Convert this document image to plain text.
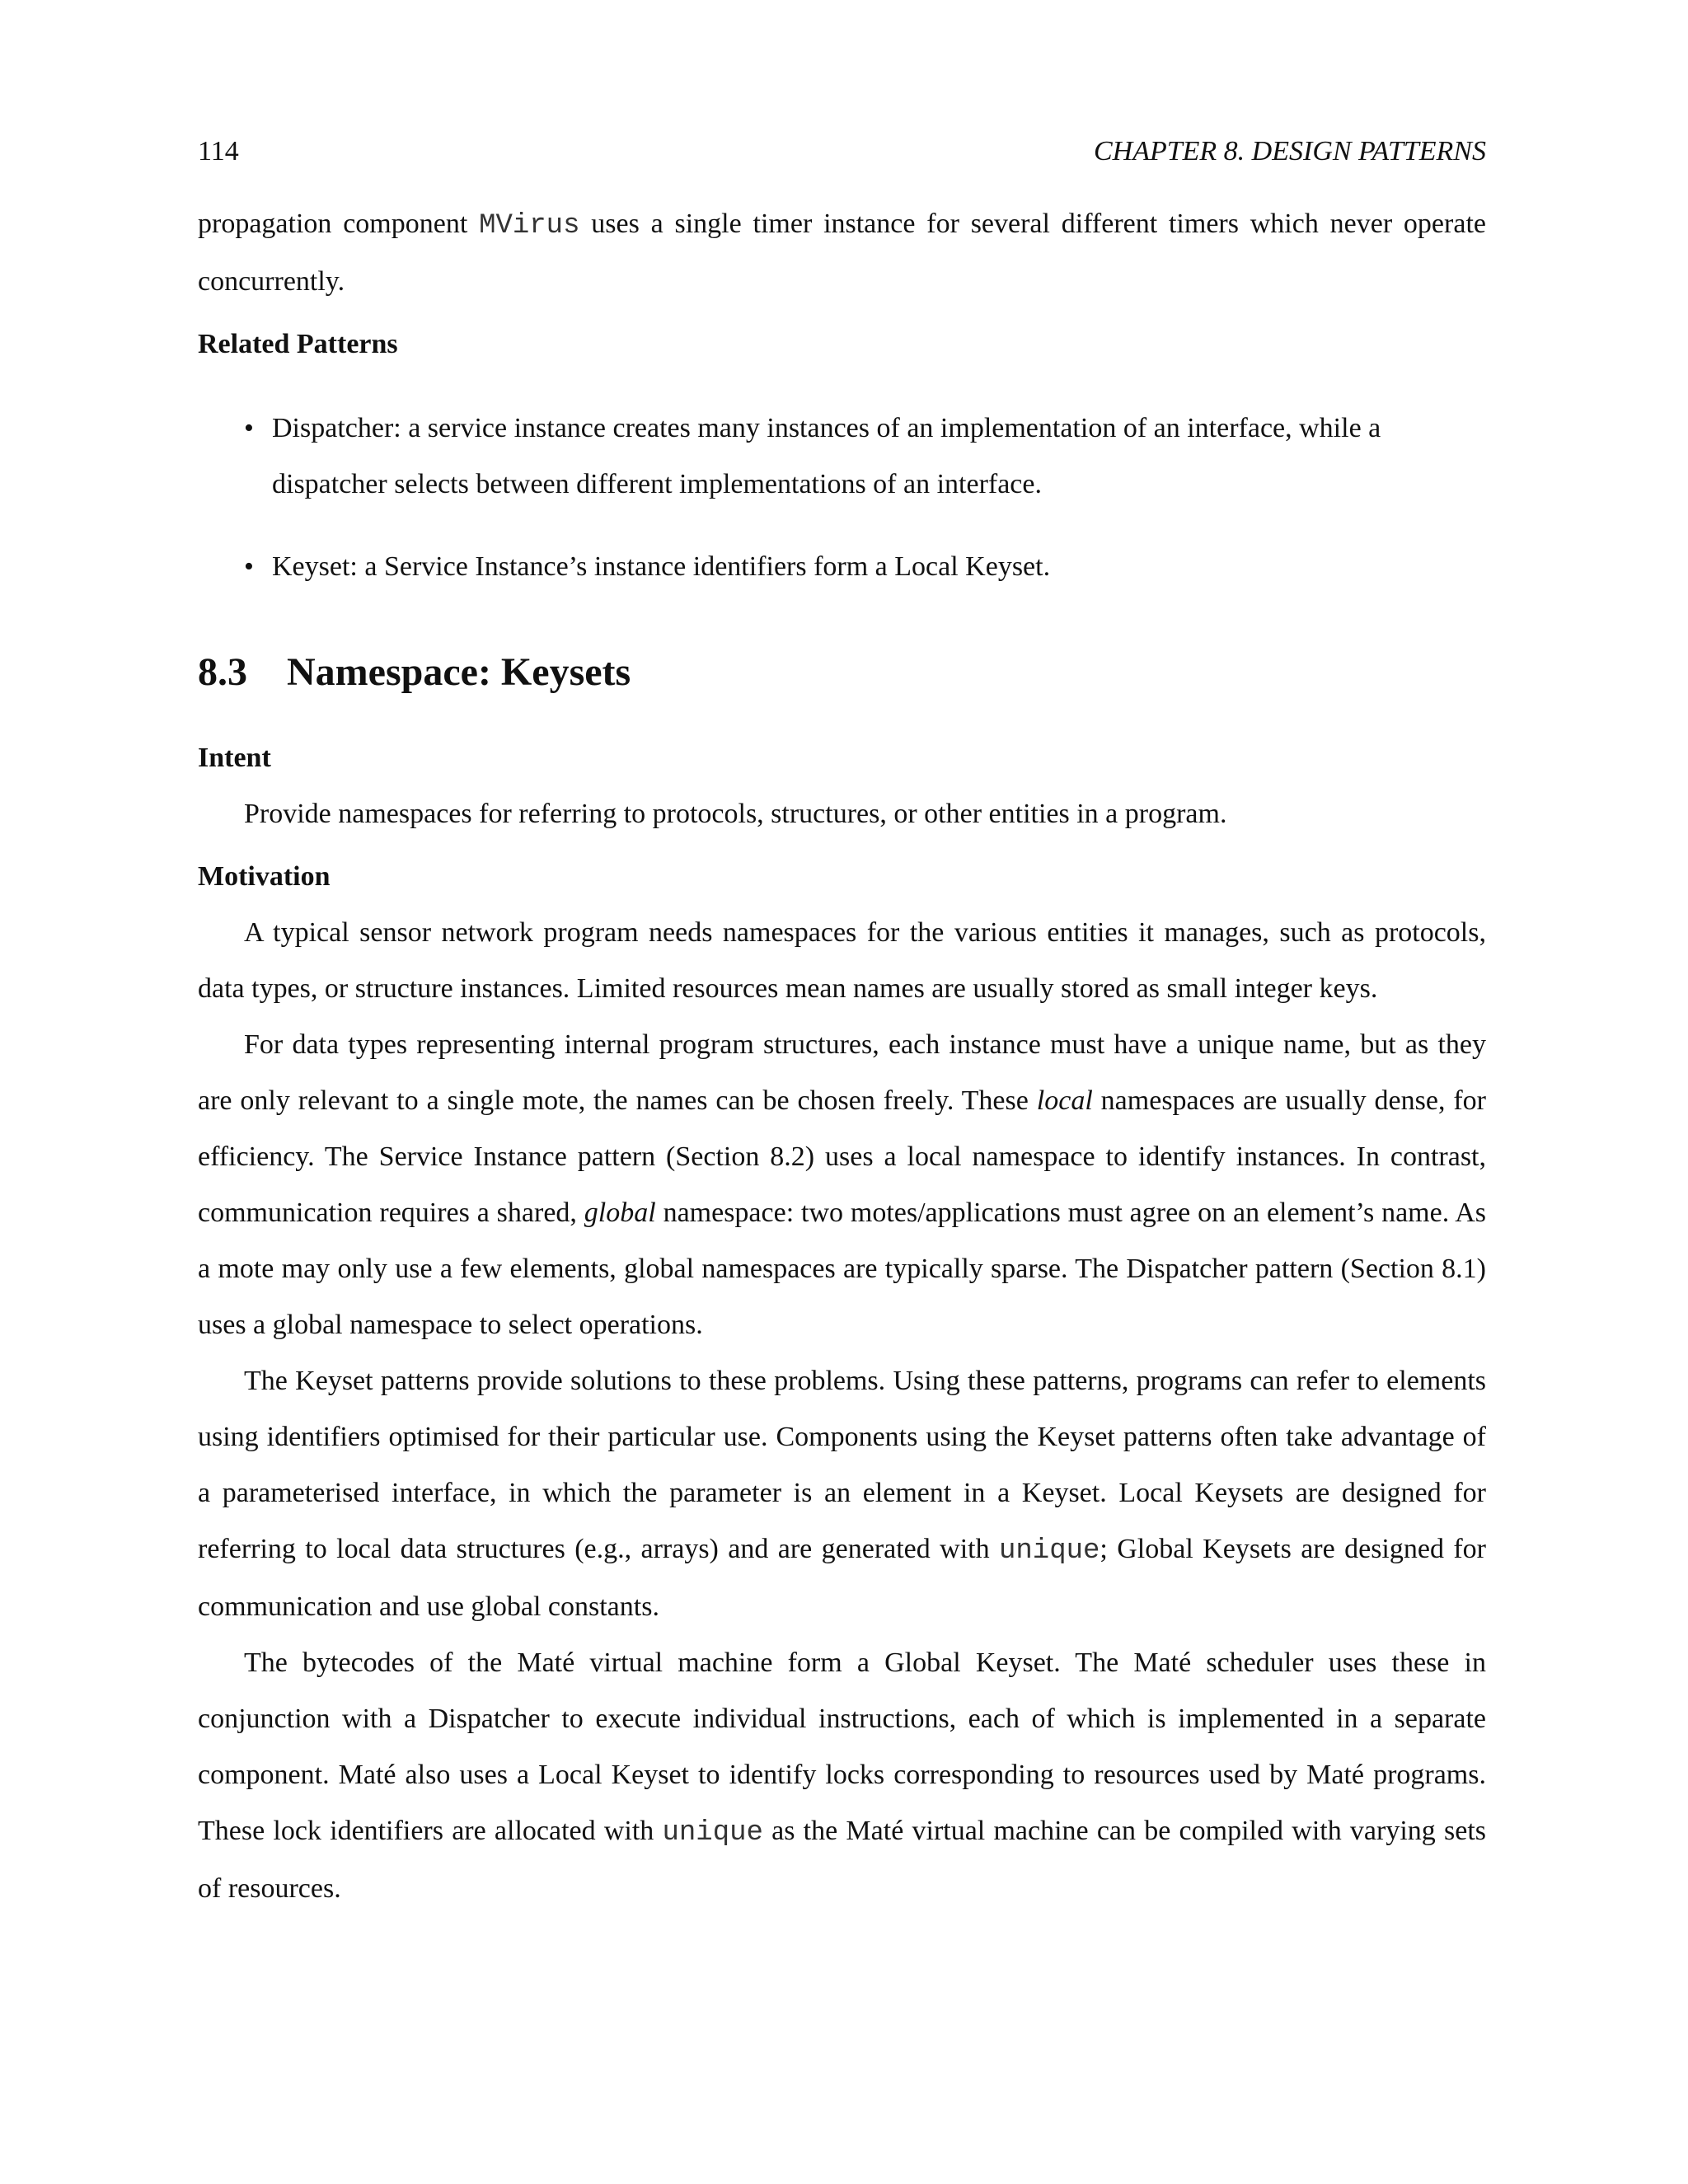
114	CHAPTER 8. DESIGN PATTERNS

propagation component MVirus uses a single timer instance for several different timers which never operate concurrently.

Related Patterns
• Dispatcher: a service instance creates many instances of an implementation of an interface, while a dispatcher selects between different implementations of an interface.
• Keyset: a Service Instance’s instance identifiers form a Local Keyset.
8.3 Namespace: Keysets
Intent

Provide namespaces for referring to protocols, structures, or other entities in a program.

Motivation

A typical sensor network program needs namespaces for the various entities it manages, such as protocols, data types, or structure instances. Limited resources mean names are usually stored as small integer keys.

For data types representing internal program structures, each instance must have a unique name, but as they are only relevant to a single mote, the names can be chosen freely. These local namespaces are usually dense, for efficiency. The Service Instance pattern (Section 8.2) uses a local namespace to identify instances. In contrast, communication requires a shared, global namespace: two motes/applications must agree on an element’s name. As a mote may only use a few elements, global namespaces are typically sparse. The Dispatcher pattern (Section 8.1) uses a global namespace to select operations.

The Keyset patterns provide solutions to these problems. Using these patterns, programs can refer to elements using identifiers optimised for their particular use. Components using the Keyset patterns often take advantage of a parameterised interface, in which the parameter is an element in a Keyset. Local Keysets are designed for referring to local data structures (e.g., arrays) and are generated with unique; Global Keysets are designed for communication and use global constants.

The bytecodes of the Maté virtual machine form a Global Keyset. The Maté scheduler uses these in conjunction with a Dispatcher to execute individual instructions, each of which is implemented in a separate component. Maté also uses a Local Keyset to identify locks corresponding to resources used by Maté programs. These lock identifiers are allocated with unique as the Maté virtual machine can be compiled with varying sets of resources.
